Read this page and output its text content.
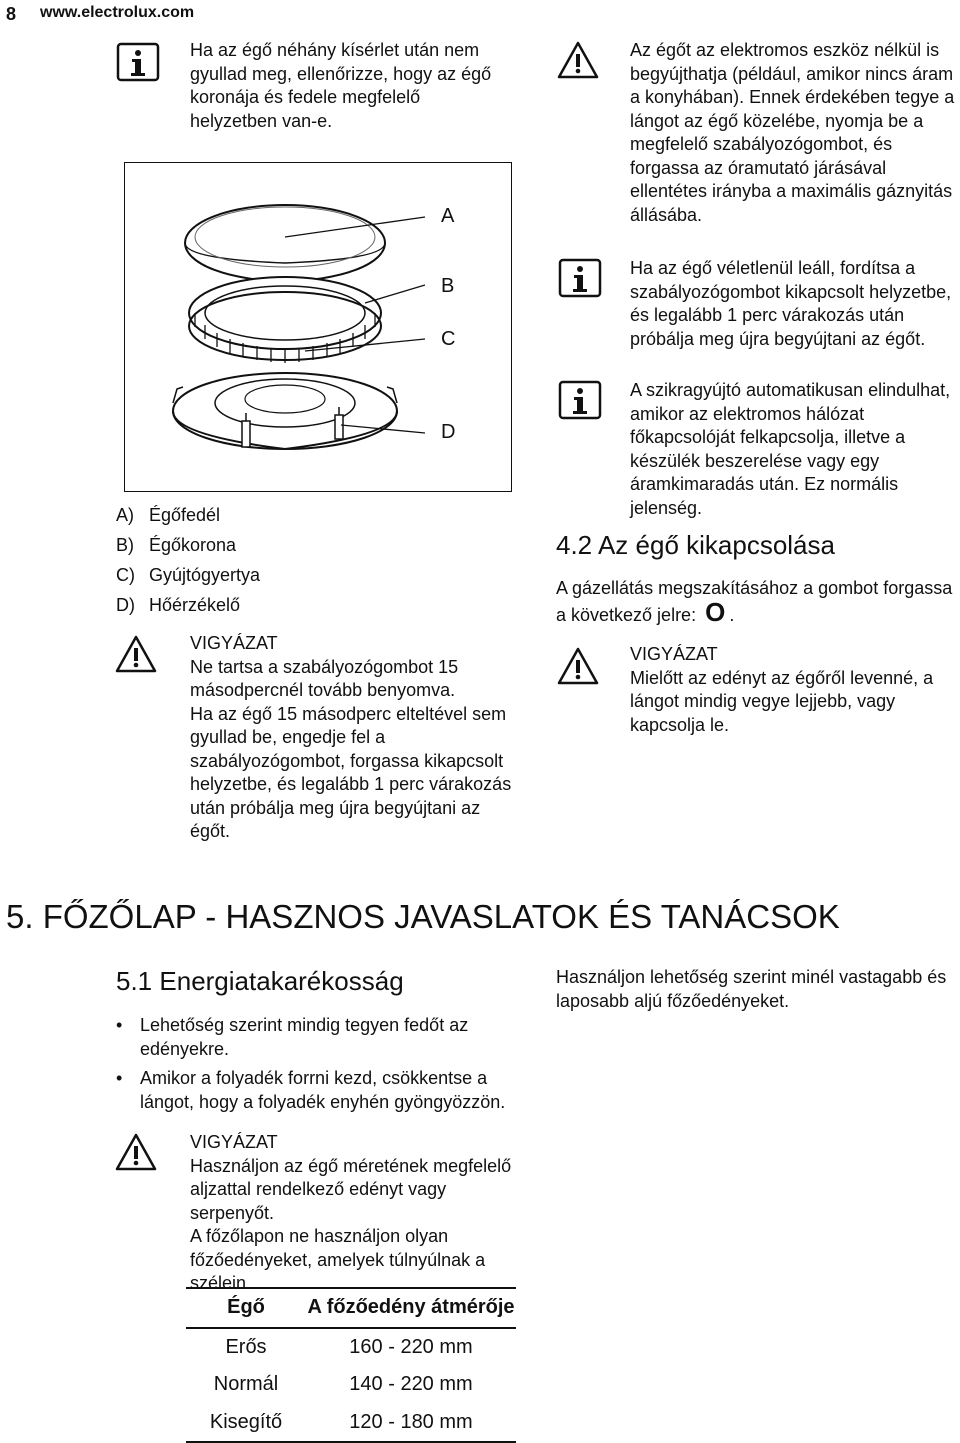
8 www.electrolux.com
Ha az égő néhány kísérlet után nem gyullad meg, ellenőrizze, hogy az égő koronája és fedele megfelelő helyzetben van-e.
A
B
C
D
A) Égőfedél
B) Égőkorona
C) Gyújtógyertya
D) Hőérzékelő
VIGYÁZAT
Ne tartsa a szabályozógombot 15 másodpercnél tovább benyomva.
Ha az égő 15 másodperc elteltével sem gyullad be, engedje fel a szabályozógombot, forgassa kikapcsolt helyzetbe, és legalább 1 perc várakozás után próbálja meg újra begyújtani az égőt.
Az égőt az elektromos eszköz nélkül is begyújthatja (például, amikor nincs áram a konyhában). Ennek érdekében tegye a lángot az égő közelébe, nyomja be a megfelelő szabályozógombot, és forgassa az óramutató járásával ellentétes irányba a maximális gáznyitás állásába.
Ha az égő véletlenül leáll, fordítsa a szabályozógombot kikapcsolt helyzetbe, és legalább 1 perc várakozás után próbálja meg újra begyújtani az égőt.
A szikragyújtó automatikusan elindulhat, amikor az elektromos hálózat főkapcsolóját felkapcsolja, illetve a készülék beszerelése vagy egy áramkimaradás után. Ez normális jelenség.
4.2 Az égő kikapcsolása
A gázellátás megszakításához a gombot forgassa a következő jelre: O .
VIGYÁZAT
Mielőtt az edényt az égőről levenné, a lángot mindig vegye lejjebb, vagy kapcsolja le.
5. FŐZŐLAP - HASZNOS JAVASLATOK ÉS TANÁCSOK
5.1 Energiatakarékosság
• Lehetőség szerint mindig tegyen fedőt az edényekre.
• Amikor a folyadék forrni kezd, csökkentse a lángot, hogy a folyadék enyhén gyöngyözzön.
VIGYÁZAT
Használjon az égő méretének megfelelő aljzattal rendelkező edényt vagy serpenyőt.
A főzőlapon ne használjon olyan főzőedényeket, amelyek túlnyúlnak a szélein.
Égő	A főzőedény átmérője
Erős	160 - 220 mm
Normál	140 - 220 mm
Kisegítő	120 - 180 mm
Használjon lehetőség szerint minél vastagabb és laposabb aljú főzőedényeket.
